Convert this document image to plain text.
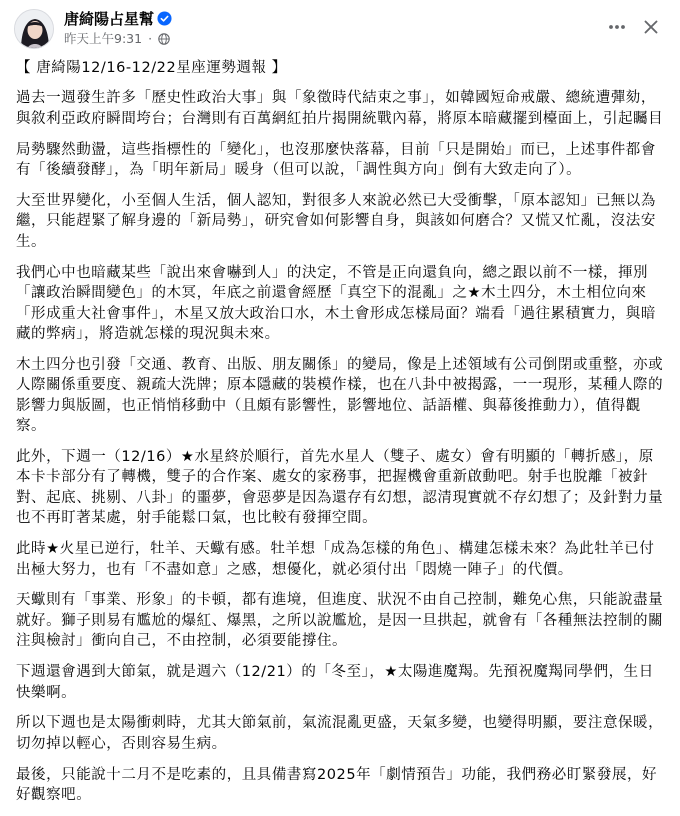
唐綺陽占星幫
昨天上午9:31 ·

【 唐綺陽12/16-12/22星座運勢週報 】

過去一週發生許多「歷史性政治大事」與「象徵時代結束之事」，如韓國短命戒嚴、總統遭彈劾，與敘利亞政府瞬間垮台；台灣則有百萬網紅拍片揭開統戰內幕，將原本暗藏擺到檯面上，引起矚目

局勢驟然動盪，這些指標性的「變化」，也沒那麼快落幕，目前「只是開始」而已，上述事件都會有「後續發酵」，為「明年新局」暖身（但可以說，「調性與方向」倒有大致走向了）。

大至世界變化，小至個人生活，個人認知，對很多人來說必然已大受衝擊，「原本認知」已無以為繼，只能趕緊了解身邊的「新局勢」，研究會如何影響自身，與該如何磨合？又慌又忙亂，沒法安生。

我們心中也暗藏某些「說出來會嚇到人」的決定，不管是正向還負向，總之跟以前不一樣，揮別「讓政治瞬間變色」的木冥，年底之前還會經歷「真空下的混亂」之★木土四分，木土相位向來「形成重大社會事件」，木星又放大政治口水，木土會形成怎樣局面？端看「過往累積實力，與暗藏的弊病」，將造就怎樣的現況與未來。

木土四分也引發「交通、教育、出版、朋友關係」的變局，像是上述領域有公司倒閉或重整，亦或人際關係重要度、親疏大洗牌；原本隱藏的裝模作樣，也在八卦中被揭露，一一現形，某種人際的影響力與版圖，也正悄悄移動中（且頗有影響性，影響地位、話語權、與幕後推動力），值得觀察。

此外，下週一（12/16）★水星終於順行，首先水星人（雙子、處女）會有明顯的「轉折感」，原本卡卡部分有了轉機，雙子的合作案、處女的家務事，把握機會重新啟動吧。射手也脫離「被針對、起底、挑剔、八卦」的噩夢，會惡夢是因為還存有幻想，認清現實就不存幻想了；及針對力量也不再盯著某處，射手能鬆口氣，也比較有發揮空間。

此時★火星已逆行，牡羊、天蠍有感。牡羊想「成為怎樣的角色」、構建怎樣未來？為此牡羊已付出極大努力，也有「不盡如意」之感，想優化，就必須付出「悶燒一陣子」的代價。

天蠍則有「事業、形象」的卡頓，都有進境，但進度、狀況不由自己控制，難免心焦，只能說盡量就好。獅子則易有尷尬的爆紅、爆黑，之所以說尷尬，是因一旦拱起，就會有「各種無法控制的關注與檢討」衝向自己，不由控制，必須要能撐住。

下週還會遇到大節氣，就是週六（12/21）的「冬至」，★太陽進魔羯。先預祝魔羯同學們，生日快樂啊。

所以下週也是太陽衝刺時，尤其大節氣前，氣流混亂更盛，天氣多變，也變得明顯，要注意保暖，切勿掉以輕心，否則容易生病。

最後，只能說十二月不是吃素的，且具備書寫2025年「劇情預告」功能，我們務必盯緊發展，好好觀察吧。
